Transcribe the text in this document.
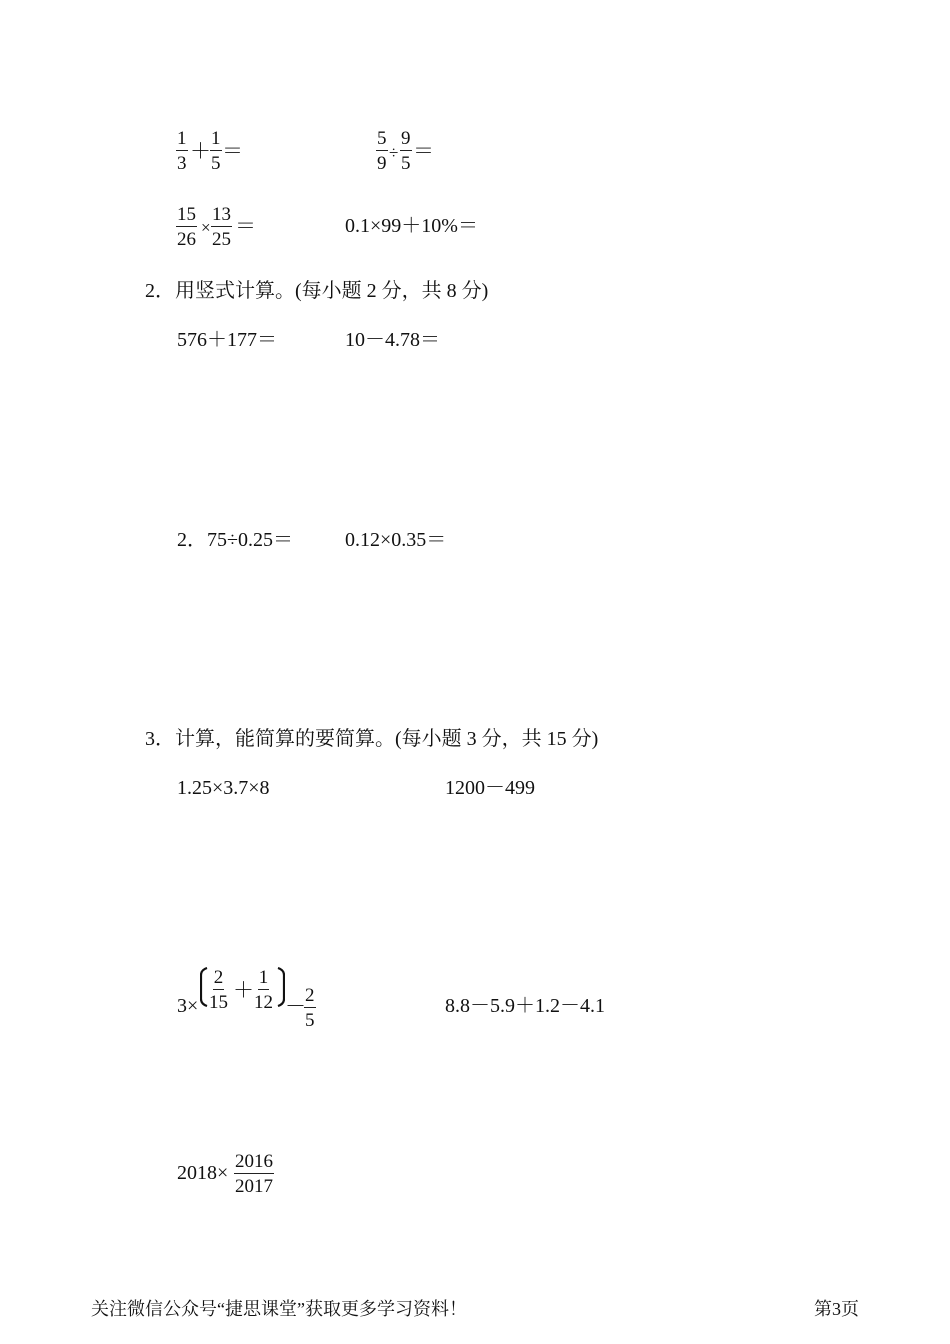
$\frac{1}{3} + \frac{1}{5}$ ＝	$\frac{5}{9} \div \frac{9}{5}$ ＝
$\frac{15}{26} \times \frac{13}{25}$ ＝	0.1×99＋10%＝
2．用竖式计算。(每小题 2 分，共 8 分)
576＋177＝	10－4.78＝
2．75÷0.25＝	0.12×0.35＝
3．计算，能简算的要简算。(每小题 3 分，共 15 分)
1.25×3.7×8	1200－499
$3\times \frac{2}{15} + \frac{1}{12}$ －
$\frac{2}{5}$	8.8－5.9＋1.2－4.1
$2018\times \frac{2016}{2017}$
关注微信公众号“捷思课堂”获取更多学习资料！	第3页
